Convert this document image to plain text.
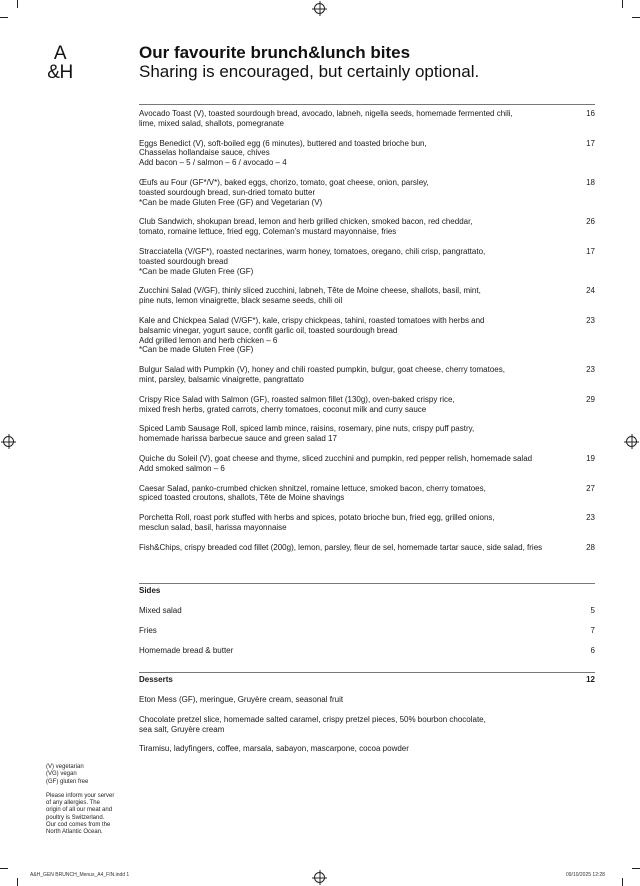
A
&H
Our favourite brunch&lunch bites
Sharing is encouraged, but certainly optional.
Avocado Toast (V), toasted sourdough bread, avocado, labneh, nigella seeds, homemade fermented chili,
lime, mixed salad, shallots, pomegranate
16
Eggs Benedict (V), soft-boiled egg (6 minutes), buttered and toasted brioche bun,
Chasselas hollandaise sauce, chives
Add bacon – 5 / salmon – 6 / avocado – 4
17
Œufs au Four (GF*/V*), baked eggs, chorizo, tomato, goat cheese, onion, parsley,
toasted sourdough bread, sun-dried tomato butter
*Can be made Gluten Free (GF) and Vegetarian (V)
18
Club Sandwich, shokupan bread, lemon and herb grilled chicken, smoked bacon, red cheddar,
tomato, romaine lettuce, fried egg, Coleman’s mustard mayonnaise, fries
26
Stracciatella (V/GF*), roasted nectarines, warm honey, tomatoes, oregano, chili crisp, pangrattato,
toasted sourdough bread
*Can be made Gluten Free (GF)
17
Zucchini Salad (V/GF), thinly sliced zucchini, labneh, Tête de Moine cheese, shallots, basil, mint,
pine nuts, lemon vinaigrette, black sesame seeds, chili oil
24
Kale and Chickpea Salad (V/GF*), kale, crispy chickpeas, tahini, roasted tomatoes with herbs and
balsamic vinegar, yogurt sauce, confit garlic oil, toasted sourdough bread
Add grilled lemon and herb chicken – 6
*Can be made Gluten Free (GF)
23
Bulgur Salad with Pumpkin (V), honey and chili roasted pumpkin, bulgur, goat cheese, cherry tomatoes,
mint, parsley, balsamic vinaigrette, pangrattato
23
Crispy Rice Salad with Salmon (GF), roasted salmon fillet (130g), oven-baked crispy rice,
mixed fresh herbs, grated carrots, cherry tomatoes, coconut milk and curry sauce
29
Spiced Lamb Sausage Roll, spiced lamb mince, raisins, rosemary, pine nuts, crispy puff pastry,
homemade harissa barbecue sauce and green salad 17
Quiche du Soleil (V), goat cheese and thyme, sliced zucchini and pumpkin, red pepper relish, homemade salad
Add smoked salmon – 6
19
Caesar Salad, panko-crumbed chicken shnitzel, romaine lettuce, smoked bacon, cherry tomatoes,
spiced toasted croutons, shallots, Tête de Moine shavings
27
Porchetta Roll, roast pork stuffed with herbs and spices, potato brioche bun, fried egg, grilled onions,
mesclun salad, basil, harissa mayonnaise
23
Fish&Chips, crispy breaded cod fillet (200g), lemon, parsley, fleur de sel, homemade tartar sauce, side salad, fries	28
Sides
Mixed salad	5
Fries	7
Homemade bread & butter	6
Desserts	12
Eton Mess (GF), meringue, Gruyère cream, seasonal fruit
Chocolate pretzel slice, homemade salted caramel, crispy pretzel pieces, 50% bourbon chocolate,
sea salt, Gruyère cream
Tiramisu, ladyfingers, coffee, marsala, sabayon, mascarpone, cocoa powder
(V) vegetarian
(VG) vegan
(GF) gluten free
Please inform your server
of any allergies. The
origin of all our meat and
poultry is Switzerland.
Our cod comes from the
North Atlantic Ocean.
A&H_GEN BRUNCH_Menus_A4_FIN.indd 1	09/10/2025 12:28
